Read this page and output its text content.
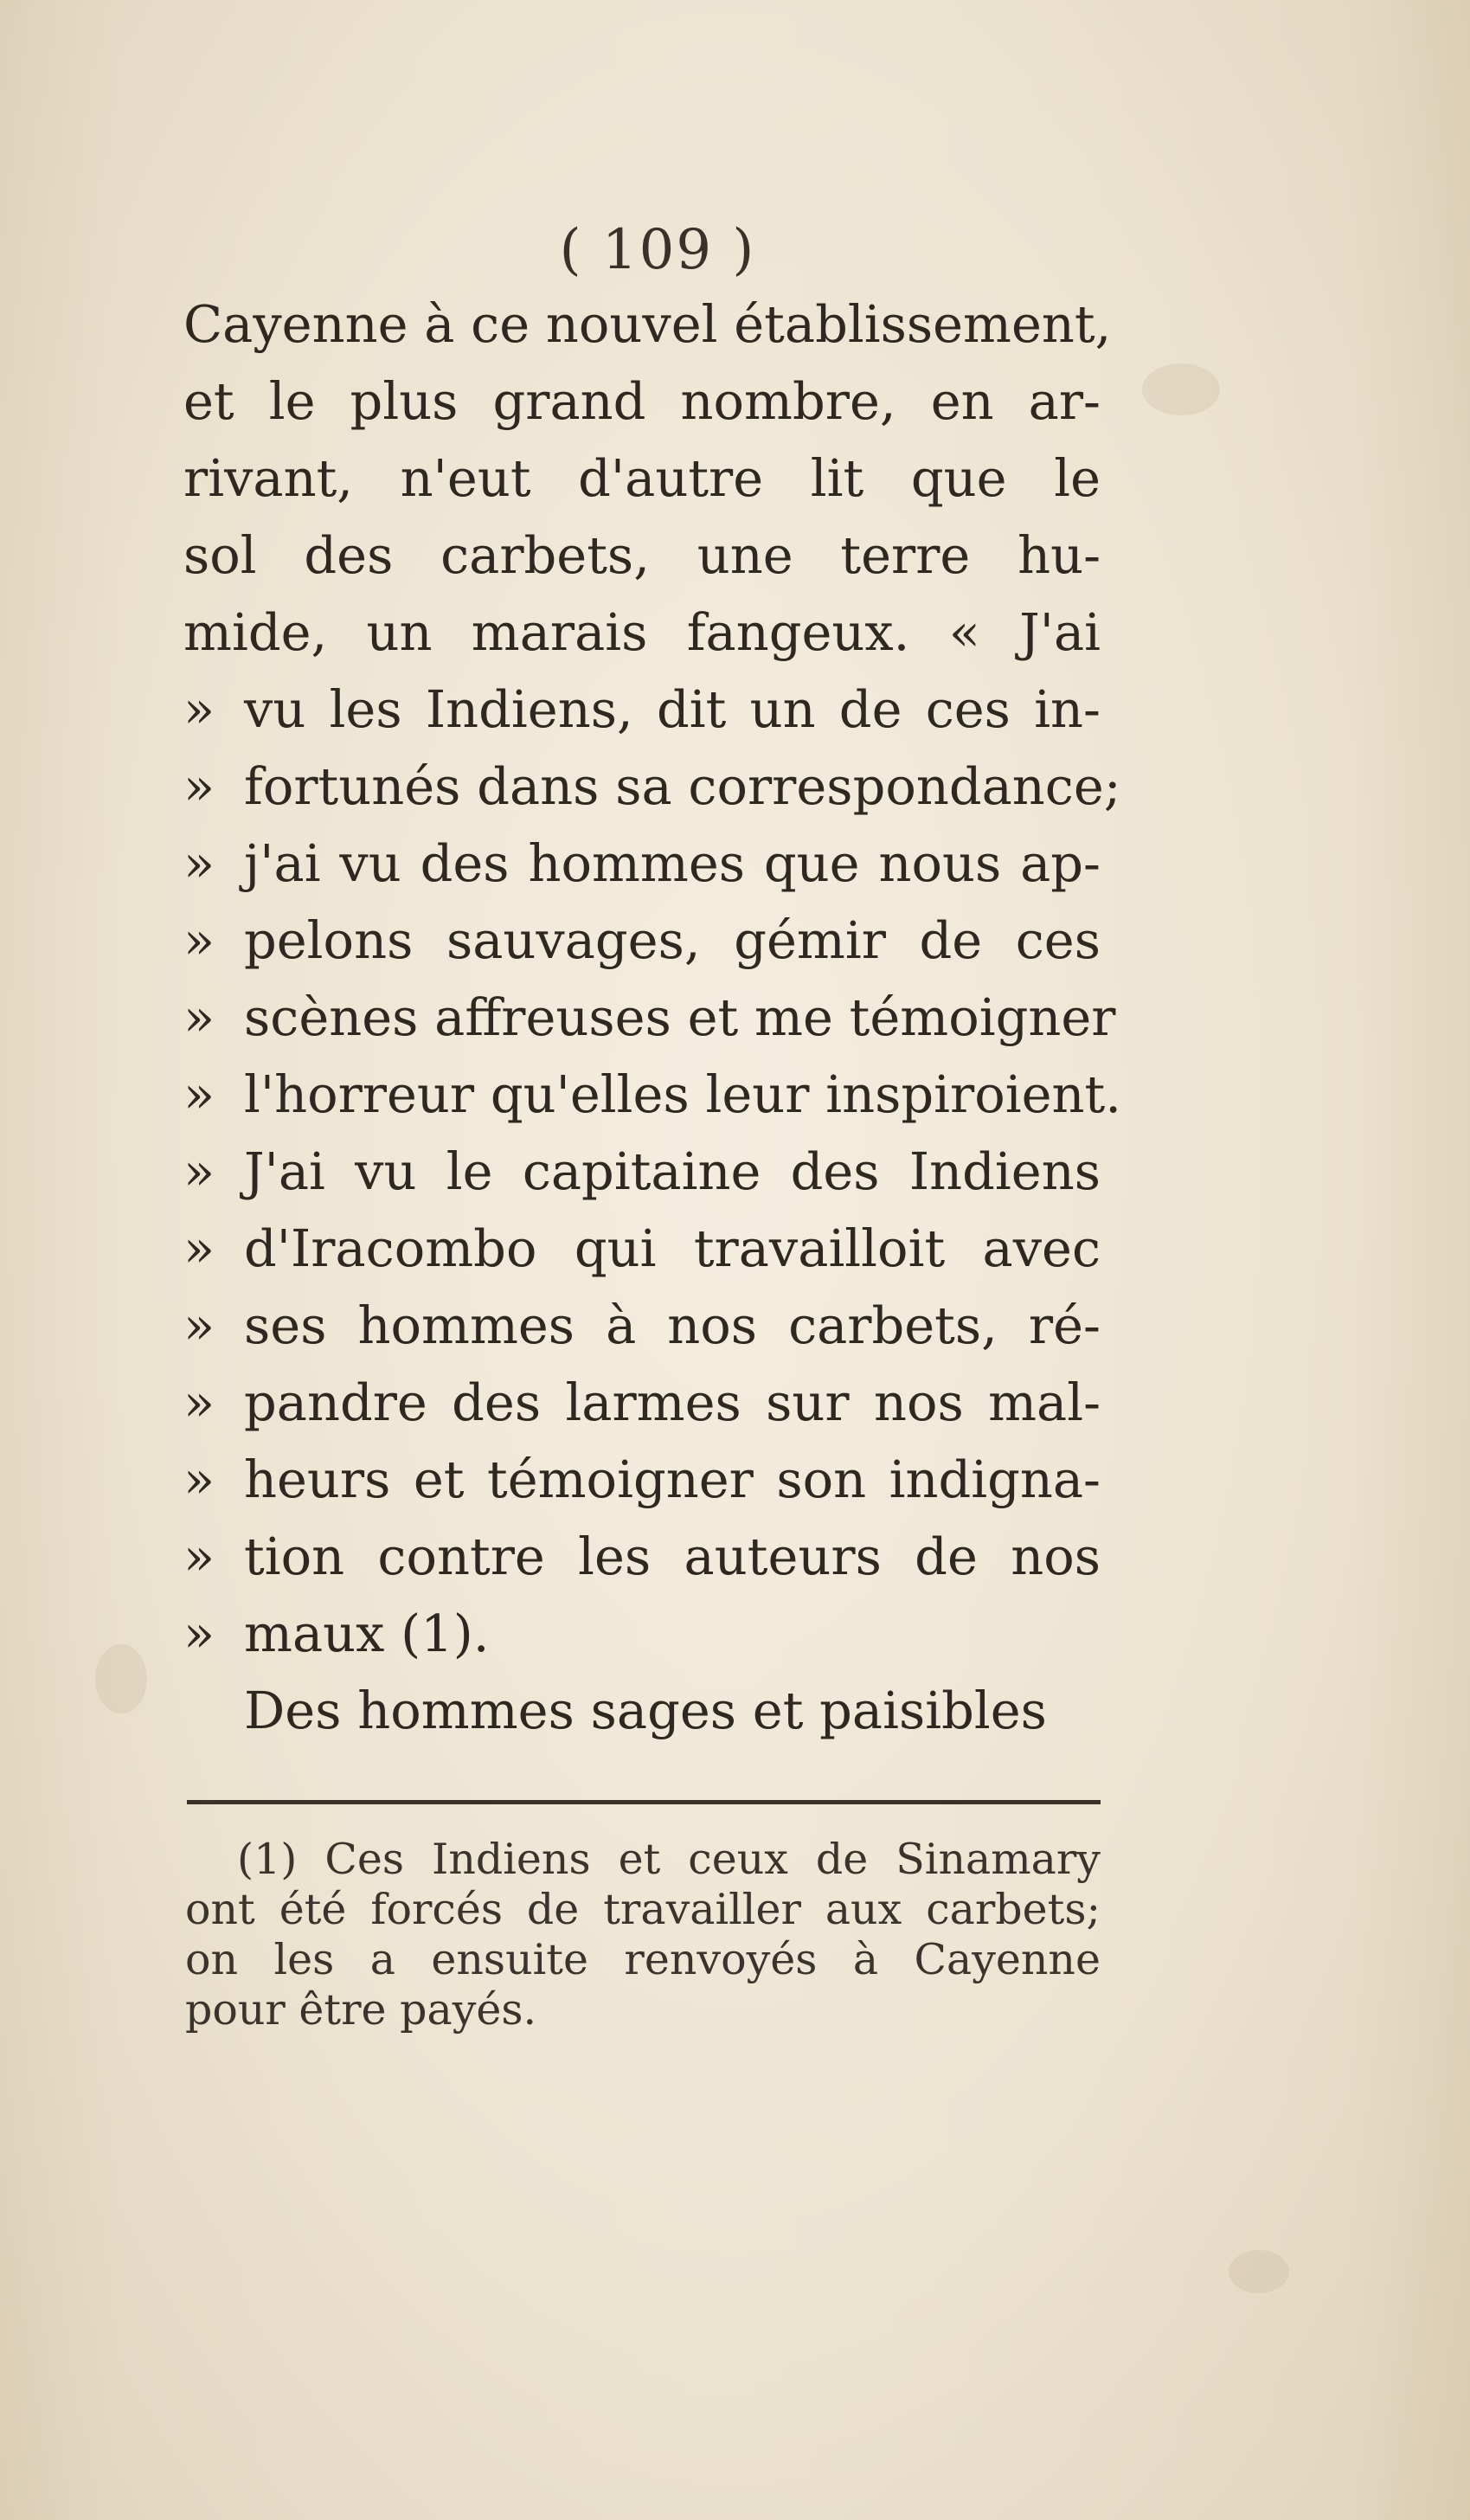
( 109 )
Cayenne à ce nouvel établissement,
et le plus grand nombre, en ar-
rivant, n'eut d'autre lit que le
sol des carbets, une terre hu-
mide, un marais fangeux. « J'ai
» vu les Indiens, dit un de ces in-
» fortunés dans sa correspondance;
» j'ai vu des hommes que nous ap-
» pelons sauvages, gémir de ces
» scènes affreuses et me témoigner
» l'horreur qu'elles leur inspiroient.
» J'ai vu le capitaine des Indiens
» d'Iracombo qui travailloit avec
» ses hommes à nos carbets, ré-
» pandre des larmes sur nos mal-
» heurs et témoigner son indigna-
» tion contre les auteurs de nos
» maux (1).
Des hommes sages et paisibles
(1) Ces Indiens et ceux de Sinamary
ont été forcés de travailler aux carbets;
on les a ensuite renvoyés à Cayenne
pour être payés.
